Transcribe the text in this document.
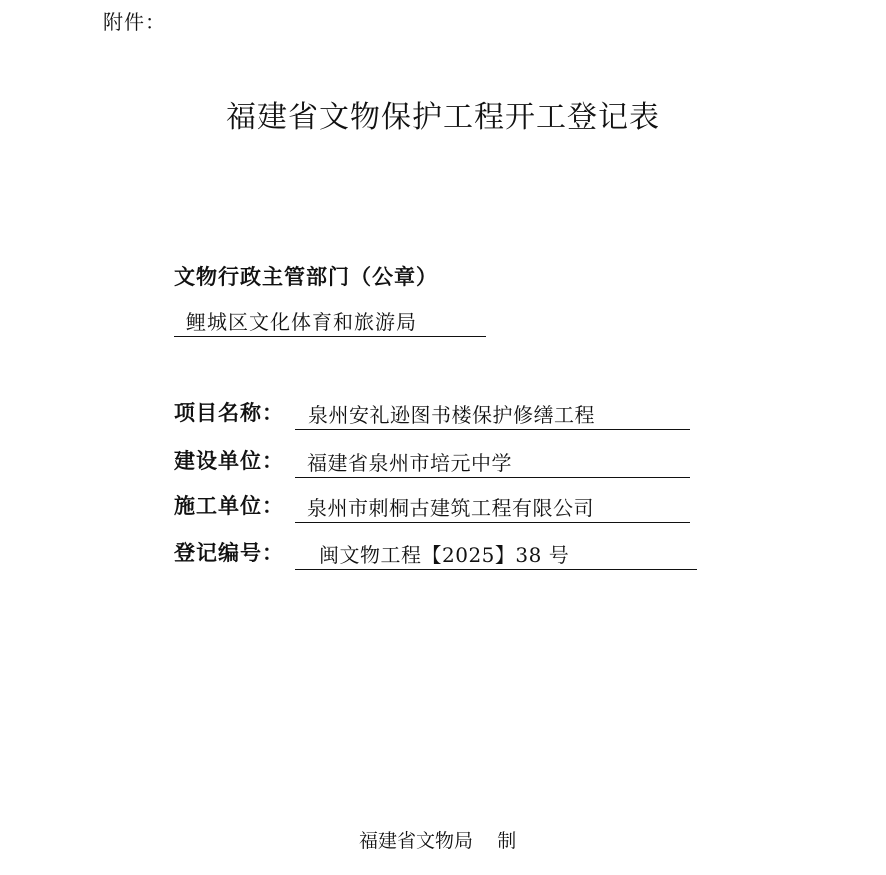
附件：
福建省文物保护工程开工登记表
文物行政主管部门（公章）
鲤城区文化体育和旅游局
项目名称： 泉州安礼逊图书楼保护修缮工程
建设单位： 福建省泉州市培元中学
施工单位： 泉州市刺桐古建筑工程有限公司
登记编号： 闽文物工程【2025】38 号
福建省文物局 制
